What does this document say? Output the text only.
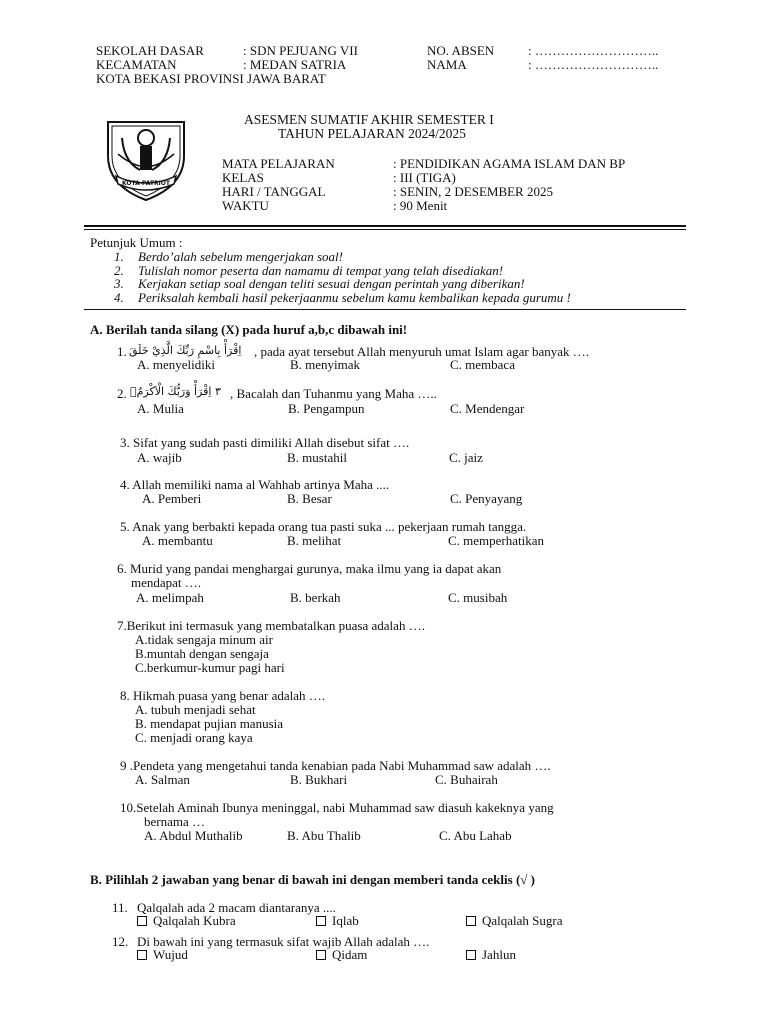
SEKOLAH DASAR	: SDN PEJUANG VII
KECAMATAN	: MEDAN SATRIA
KOTA BEKASI PROVINSI JAWA BARAT
NO. ABSEN	: ………………………..
NAMA	: ………………………..
KOTA PATRIOT
ASESMEN SUMATIF AKHIR SEMESTER I
TAHUN PELAJARAN 2024/2025
MATA PELAJARAN	: PENDIDIKAN AGAMA ISLAM DAN BP
KELAS	: III (TIGA)
HARI / TANGGAL	: SENIN, 2 DESEMBER 2025
WAKTU	: 90 Menit
Petunjuk Umum :
1. Berdo’alah sebelum mengerjakan soal!
2. Tulislah nomor peserta dan namamu di tempat yang telah disediakan!
3. Kerjakan setiap soal dengan teliti sesuai dengan perintah yang diberikan!
4. Periksalah kembali hasil pekerjaanmu sebelum kamu kembalikan kepada gurumu !
A. Berilah tanda silang (X) pada huruf a,b,c dibawah ini!
1. اِقْرَأْ بِاسْمِ رَبِّكَ الَّذِيْ خَلَقَ , pada ayat tersebut Allah menyuruh umat Islam agar banyak ….
A. menyelidiki	B. menyimak	C. membaca
2. ٣ اِقْرَأْ وَرَبُّكَ الْاَكْرَمُۙ , Bacalah dan Tuhanmu yang Maha …..
A. Mulia	B. Pengampun	C. Mendengar
3. Sifat yang sudah pasti dimiliki Allah disebut sifat ….
A. wajib	B. mustahil	C. jaiz
4. Allah memiliki nama al Wahhab artinya Maha ....
A. Pemberi	B. Besar	C. Penyayang
5. Anak yang berbakti kepada orang tua pasti suka ... pekerjaan rumah tangga.
A. membantu	B. melihat	C. memperhatikan
6. Murid yang pandai menghargai gurunya, maka ilmu yang ia dapat akan
mendapat ….
A. melimpah	B. berkah	C. musibah
7.Berikut ini termasuk yang membatalkan puasa adalah ….
A.tidak sengaja minum air
B.muntah dengan sengaja
C.berkumur-kumur pagi hari
8. Hikmah puasa yang benar adalah ….
A. tubuh menjadi sehat
B. mendapat pujian manusia
C. menjadi orang kaya
9 .Pendeta yang mengetahui tanda kenabian pada Nabi Muhammad saw adalah ….
A. Salman	B. Bukhari	C. Buhairah
10.Setelah Aminah Ibunya meninggal, nabi Muhammad saw diasuh kakeknya yang
bernama …
A. Abdul Muthalib	B. Abu Thalib	C. Abu Lahab
B. Pilihlah 2 jawaban yang benar di bawah ini dengan memberi tanda ceklis (√ )
11. Qalqalah ada 2 macam diantaranya ....
Qalqalah Kubra	Iqlab	Qalqalah Sugra
12. Di bawah ini yang termasuk sifat wajib Allah adalah ….
Wujud	Qidam	Jahlun
